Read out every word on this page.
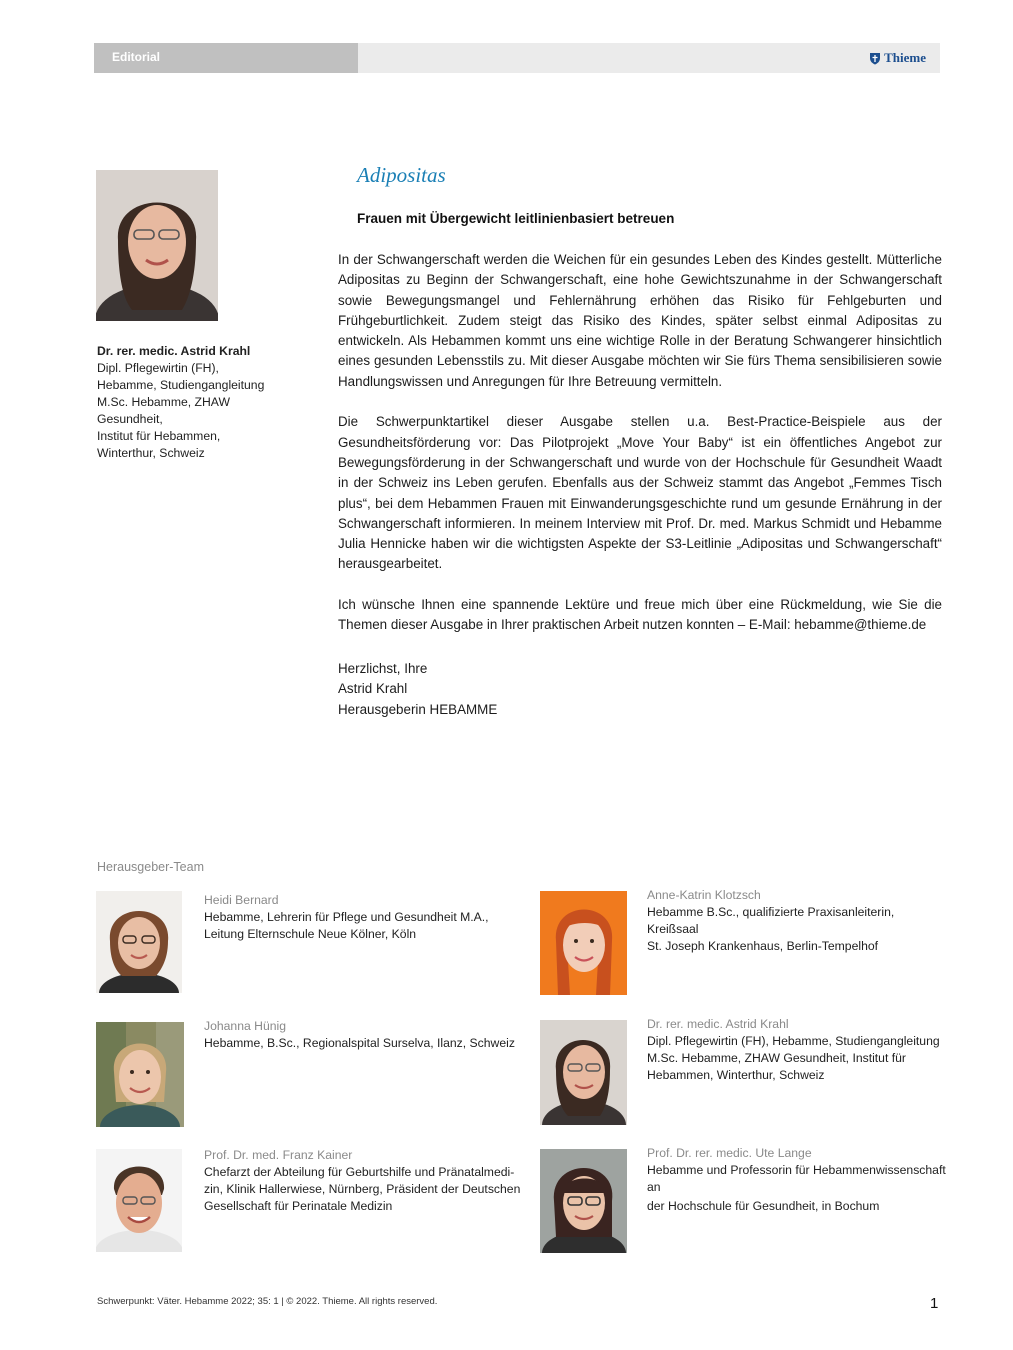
Editorial	Thieme
Dr. rer. medic. Astrid Krahl
Dipl. Pflegewirtin (FH),
Hebamme, Studiengangleitung
M.Sc. Hebamme, ZHAW
Gesundheit,
Institut für Hebammen,
Winterthur, Schweiz
Adipositas
Frauen mit Übergewicht leitlinienbasiert betreuen

In der Schwangerschaft werden die Weichen für ein gesundes Leben des Kindes gestellt. Mütterliche Adipositas zu Beginn der Schwangerschaft, eine hohe Gewichtszunahme in der Schwangerschaft sowie Bewegungsmangel und Fehlernährung erhöhen das Risiko für Fehlgeburten und Frühgeburtlichkeit. Zudem steigt das Risiko des Kindes, später selbst einmal Adipositas zu entwickeln. Als Hebammen kommt uns eine wichtige Rolle in der Beratung Schwangerer hinsichtlich eines gesunden Lebensstils zu. Mit dieser Ausgabe möchten wir Sie fürs Thema sensibilisieren sowie Handlungswissen und Anregungen für Ihre Betreuung vermitteln.

Die Schwerpunktartikel dieser Ausgabe stellen u.a. Best-Practice-Beispiele aus der Gesundheitsförderung vor: Das Pilotprojekt „Move Your Baby“ ist ein öffentliches Angebot zur Bewegungsförderung in der Schwangerschaft und wurde von der Hochschule für Gesundheit Waadt in der Schweiz ins Leben gerufen. Ebenfalls aus der Schweiz stammt das Angebot „Femmes Tisch plus“, bei dem Hebammen Frauen mit Einwanderungsgeschichte rund um gesunde Ernährung in der Schwangerschaft informieren. In meinem Interview mit Prof. Dr. med. Markus Schmidt und Hebamme Julia Hennicke haben wir die wichtigsten Aspekte der S3-Leitlinie „Adipositas und Schwangerschaft“ herausgearbeitet.

Ich wünsche Ihnen eine spannende Lektüre und freue mich über eine Rückmeldung, wie Sie die Themen dieser Ausgabe in Ihrer praktischen Arbeit nutzen konnten – E-Mail: hebamme@thieme.de

Herzlichst, Ihre
Astrid Krahl
Herausgeberin HEBAMME
Herausgeber-Team
Heidi Bernard
Hebamme, Lehrerin für Pflege und Gesundheit M.A.,
Leitung Elternschule Neue Kölner, Köln
Anne-Katrin Klotzsch
Hebamme B.Sc., qualifizierte Praxisanleiterin, Kreißsaal
St. Joseph Krankenhaus, Berlin-Tempelhof
Johanna Hünig
Hebamme, B.Sc., Regionalspital Surselva, Ilanz, Schweiz
Dr. rer. medic. Astrid Krahl
Dipl. Pflegewirtin (FH), Hebamme, Studiengangleitung
M.Sc. Hebamme, ZHAW Gesundheit, Institut für
Hebammen, Winterthur, Schweiz
Prof. Dr. med. Franz Kainer
Chefarzt der Abteilung für Geburtshilfe und Pränatalmedi-
zin, Klinik Hallerwiese, Nürnberg, Präsident der Deutschen
Gesellschaft für Perinatale Medizin
Prof. Dr. rer. medic. Ute Lange
Hebamme und Professorin für Hebammenwissenschaft an
der Hochschule für Gesundheit, in Bochum
Schwerpunkt: Väter. Hebamme 2022; 35: 1 | © 2022. Thieme. All rights reserved.	1
